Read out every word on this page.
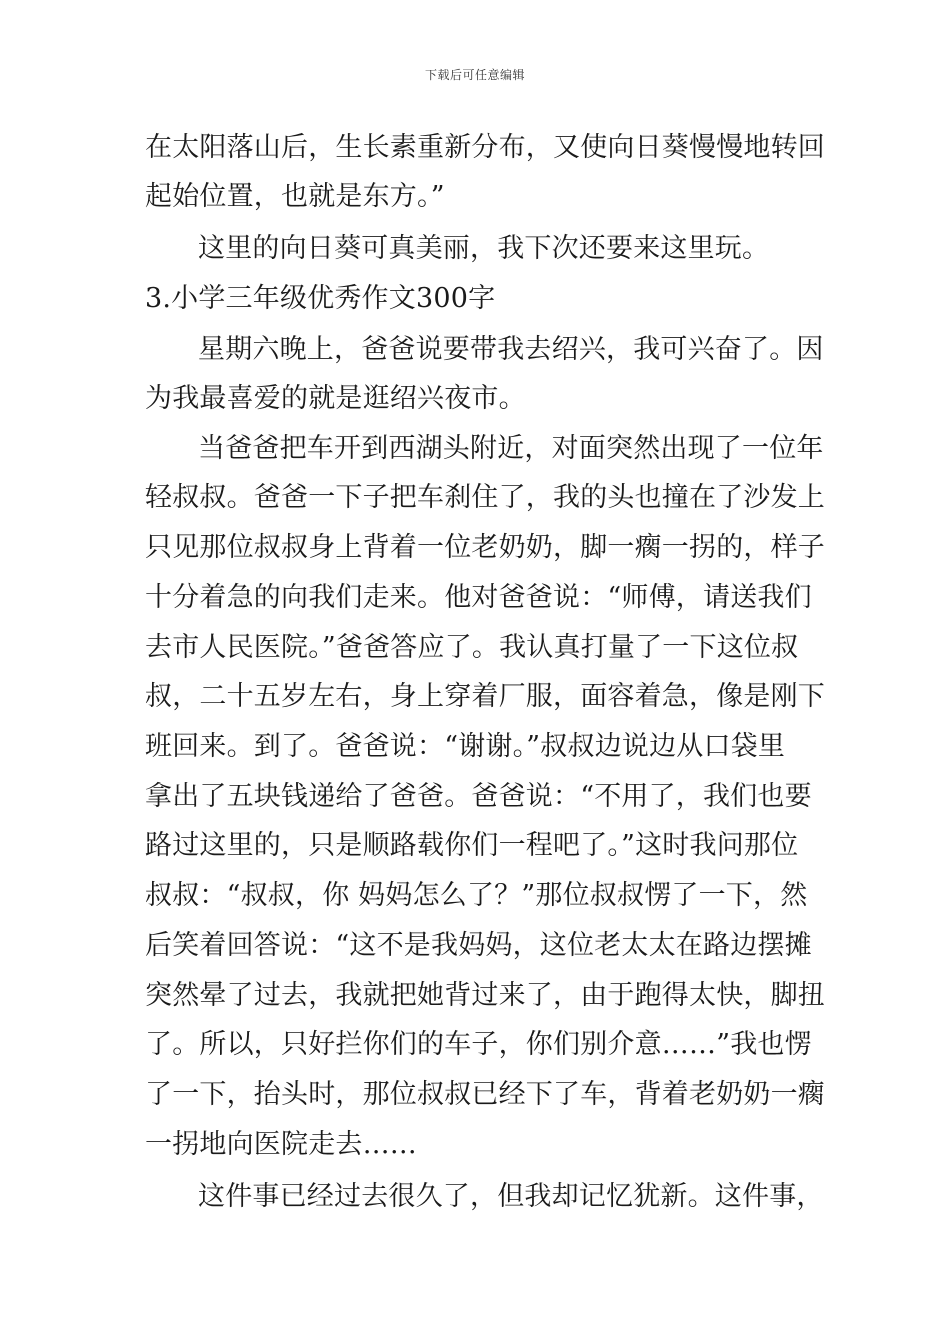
下载后可任意编辑
在太阳落山后，生长素重新分布，又使向日葵慢慢地转回
起始位置，也就是东方。”
这里的向日葵可真美丽，我下次还要来这里玩。
3.小学三年级优秀作文300字
星期六晚上，爸爸说要带我去绍兴，我可兴奋了。因
为我最喜爱的就是逛绍兴夜市。
当爸爸把车开到西湖头附近，对面突然出现了一位年
轻叔叔。爸爸一下子把车刹住了，我的头也撞在了沙发上
只见那位叔叔身上背着一位老奶奶，脚一瘸一拐的，样子
十分着急的向我们走来。他对爸爸说：“师傅，请送我们
去市人民医院。”爸爸答应了。我认真打量了一下这位叔
叔，二十五岁左右，身上穿着厂服，面容着急，像是刚下
班回来。到了。爸爸说：“谢谢。”叔叔边说边从口袋里
拿出了五块钱递给了爸爸。爸爸说：“不用了，我们也要
路过这里的，只是顺路载你们一程吧了。”这时我问那位
叔叔：“叔叔，你 妈妈怎么了？”那位叔叔愣了一下，然
后笑着回答说：“这不是我妈妈，这位老太太在路边摆摊
突然晕了过去，我就把她背过来了，由于跑得太快，脚扭
了。所以，只好拦你们的车子，你们别介意……”我也愣
了一下，抬头时，那位叔叔已经下了车，背着老奶奶一瘸
一拐地向医院走去……
这件事已经过去很久了，但我却记忆犹新。这件事，
